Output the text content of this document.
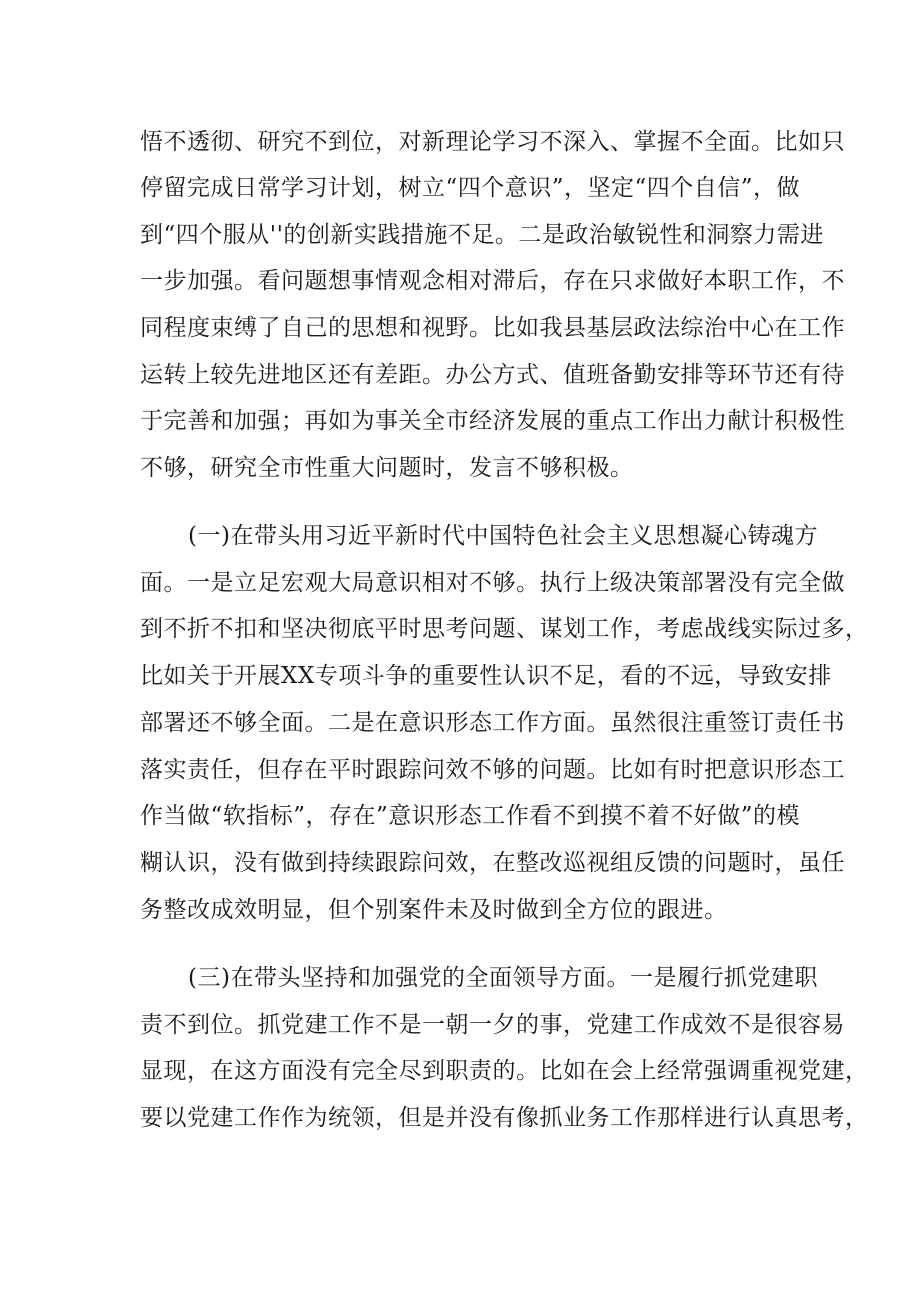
悟不透彻、研究不到位，对新理论学习不深入、掌握不全面。比如只
停留完成日常学习计划，树立“四个意识”，坚定“四个自信”，做
到“四个服从''的创新实践措施不足。二是政治敏锐性和洞察力需进
一步加强。看问题想事情观念相对滞后，存在只求做好本职工作，不
同程度束缚了自己的思想和视野。比如我县基层政法综治中心在工作
运转上较先进地区还有差距。办公方式、值班备勤安排等环节还有待
于完善和加强；再如为事关全市经济发展的重点工作出力献计积极性
不够，研究全市性重大问题时，发言不够积极。
(一)在带头用习近平新时代中国特色社会主义思想凝心铸魂方
面。一是立足宏观大局意识相对不够。执行上级决策部署没有完全做
到不折不扣和坚决彻底平时思考问题、谋划工作，考虑战线实际过多，
比如关于开展XX专项斗争的重要性认识不足，看的不远，导致安排
部署还不够全面。二是在意识形态工作方面。虽然很注重签订责任书
落实责任，但存在平时跟踪问效不够的问题。比如有时把意识形态工
作当做“软指标”，存在”意识形态工作看不到摸不着不好做”的模
糊认识，没有做到持续跟踪问效，在整改巡视组反馈的问题时，虽任
务整改成效明显，但个别案件未及时做到全方位的跟进。
(三)在带头坚持和加强党的全面领导方面。一是履行抓党建职
责不到位。抓党建工作不是一朝一夕的事，党建工作成效不是很容易
显现，在这方面没有完全尽到职责的。比如在会上经常强调重视党建，
要以党建工作作为统领，但是并没有像抓业务工作那样进行认真思考，
